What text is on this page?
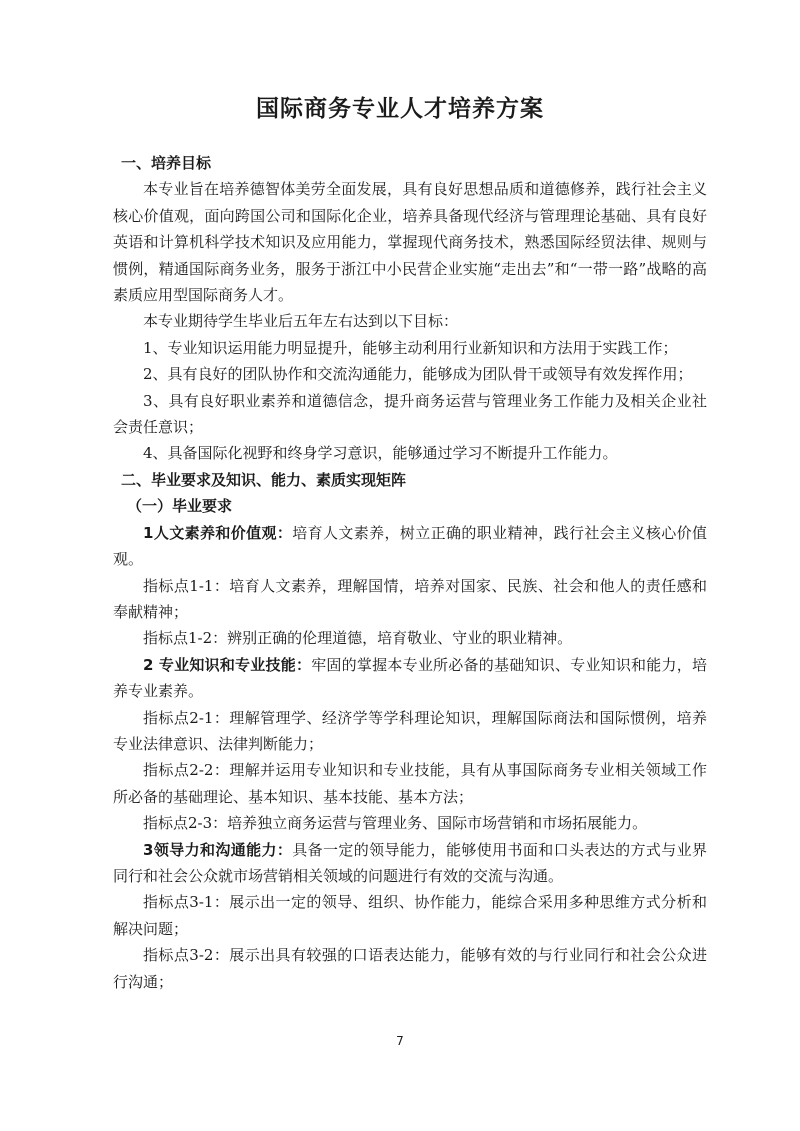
国际商务专业人才培养方案

一、培养目标

本专业旨在培养德智体美劳全面发展，具有良好思想品质和道德修养，践行社会主义核心价值观，面向跨国公司和国际化企业，培养具备现代经济与管理理论基础、具有良好英语和计算机科学技术知识及应用能力，掌握现代商务技术，熟悉国际经贸法律、规则与惯例，精通国际商务业务，服务于浙江中小民营企业实施“走出去”和“一带一路”战略的高素质应用型国际商务人才。

本专业期待学生毕业后五年左右达到以下目标：

1、专业知识运用能力明显提升，能够主动利用行业新知识和方法用于实践工作；

2、具有良好的团队协作和交流沟通能力，能够成为团队骨干或领导有效发挥作用；

3、具有良好职业素养和道德信念，提升商务运营与管理业务工作能力及相关企业社会责任意识；

4、具备国际化视野和终身学习意识，能够通过学习不断提升工作能力。

二、毕业要求及知识、能力、素质实现矩阵

（一）毕业要求

1人文素养和价值观：培育人文素养，树立正确的职业精神，践行社会主义核心价值观。

指标点1-1：培育人文素养，理解国情，培养对国家、民族、社会和他人的责任感和奉献精神；

指标点1-2：辨别正确的伦理道德，培育敬业、守业的职业精神。

2 专业知识和专业技能：牢固的掌握本专业所必备的基础知识、专业知识和能力，培养专业素养。

指标点2-1：理解管理学、经济学等学科理论知识，理解国际商法和国际惯例，培养专业法律意识、法律判断能力；

指标点2-2：理解并运用专业知识和专业技能，具有从事国际商务专业相关领域工作所必备的基础理论、基本知识、基本技能、基本方法；

指标点2-3：培养独立商务运营与管理业务、国际市场营销和市场拓展能力。

3领导力和沟通能力：具备一定的领导能力，能够使用书面和口头表达的方式与业界同行和社会公众就市场营销相关领域的问题进行有效的交流与沟通。

指标点3-1：展示出一定的领导、组织、协作能力，能综合采用多种思维方式分析和解决问题；

指标点3-2：展示出具有较强的口语表达能力，能够有效的与行业同行和社会公众进行沟通；

7
